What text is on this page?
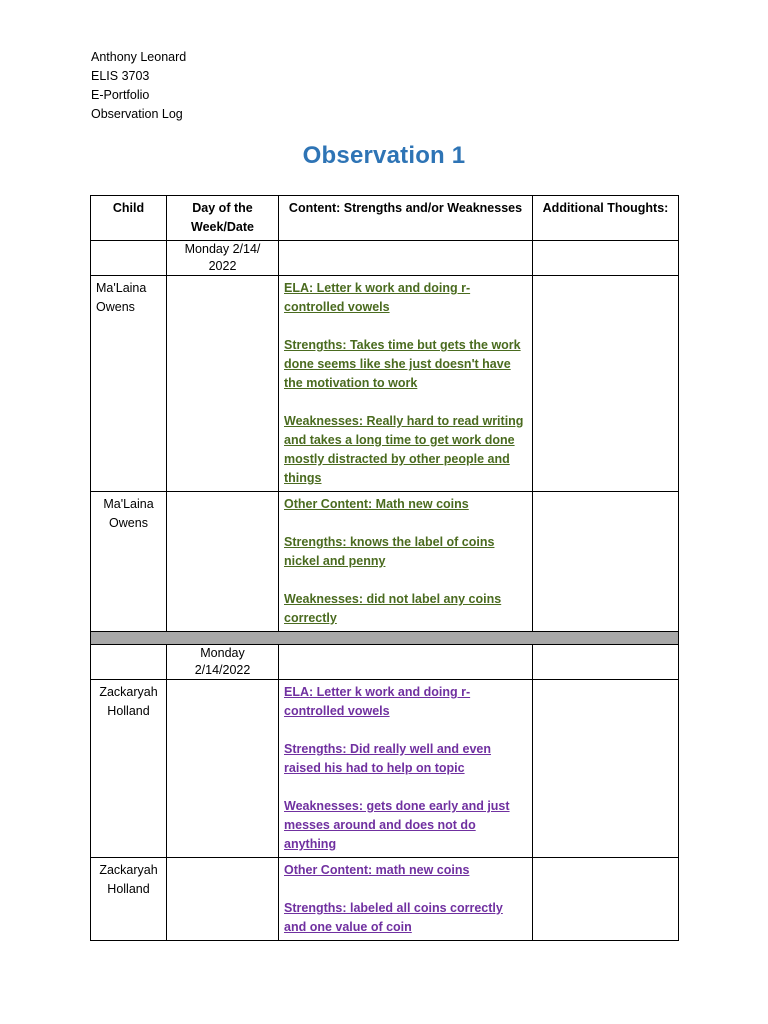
Anthony Leonard
ELIS 3703
E-Portfolio
Observation Log
Observation 1
Child	Day of the Week/Date	Content: Strengths and/or Weaknesses	Additional Thoughts:
	Monday 2/14/ 2022		
Ma'Laina Owens		ELA: Letter k work and doing r-controlled vowels
Strengths: Takes time but gets the work done seems like she just doesn't have the motivation to work
Weaknesses: Really hard to read writing and takes a long time to get work done mostly distracted by other people and things	

Ma'Laina Owens		Other Content: Math new coins
Strengths: knows the label of coins nickel and penny
Weaknesses: did not label any coins correctly	

	Monday 2/14/2022		
Zackaryah Holland		ELA: Letter k work and doing r-controlled vowels
Strengths: Did really well and even raised his had to help on topic
Weaknesses: gets done early and just messes around and does not do anything	

Zackaryah Holland		Other Content: math new coins
Strengths: labeled all coins correctly and one value of coin	
